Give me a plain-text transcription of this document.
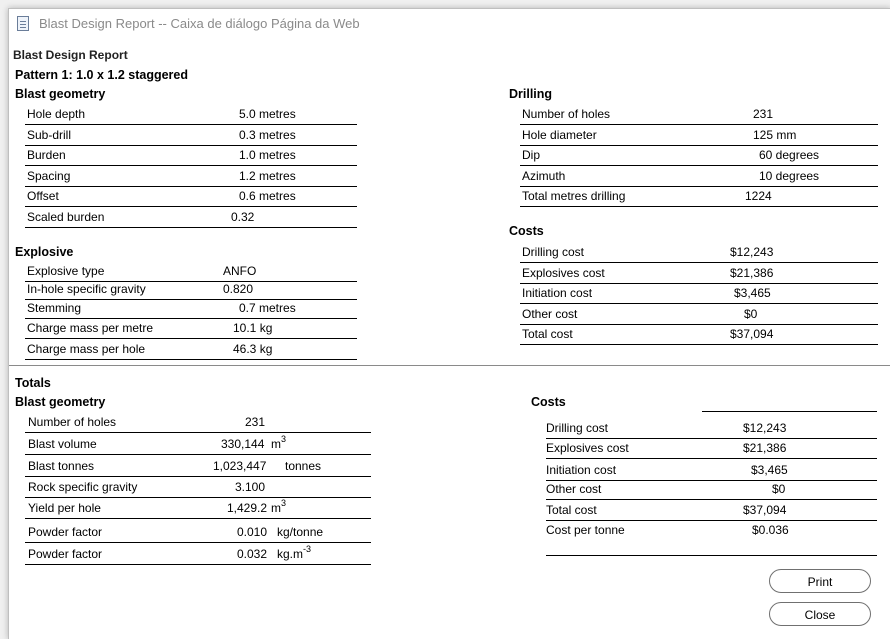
Blast Design Report -- Caixa de diálogo Página da Web
Blast Design Report
Pattern 1: 1.0 x 1.2 staggered
Blast geometry
Hole depth	5.0 metres
Sub-drill	0.3 metres
Burden	1.0 metres
Spacing	1.2 metres
Offset	0.6 metres
Scaled burden	0.32
Explosive
Explosive type	ANFO
In-hole specific gravity	0.820
Stemming	0.7 metres
Charge mass per metre	10.1 kg
Charge mass per hole	46.3 kg
Drilling
Number of holes	231
Hole diameter	125 mm
Dip	60 degrees
Azimuth	10 degrees
Total metres drilling	1224
Costs
Drilling cost	$12,243
Explosives cost	$21,386
Initiation cost	$3,465
Other cost	$0
Total cost	$37,094
Totals
Blast geometry
Number of holes	231
Blast volume	330,144 $m^3$
Blast tonnes	1,023,447 tonnes
Rock specific gravity	3.100
Yield per hole	1,429.2 $m^3$
Powder factor	0.010 kg/tonne
Powder factor	0.032 $kg.m^{-3}$
Costs
Drilling cost	$12,243
Explosives cost	$21,386
Initiation cost	$3,465
Other cost	$0
Total cost	$37,094
Cost per tonne	$0.036
Print
Close
